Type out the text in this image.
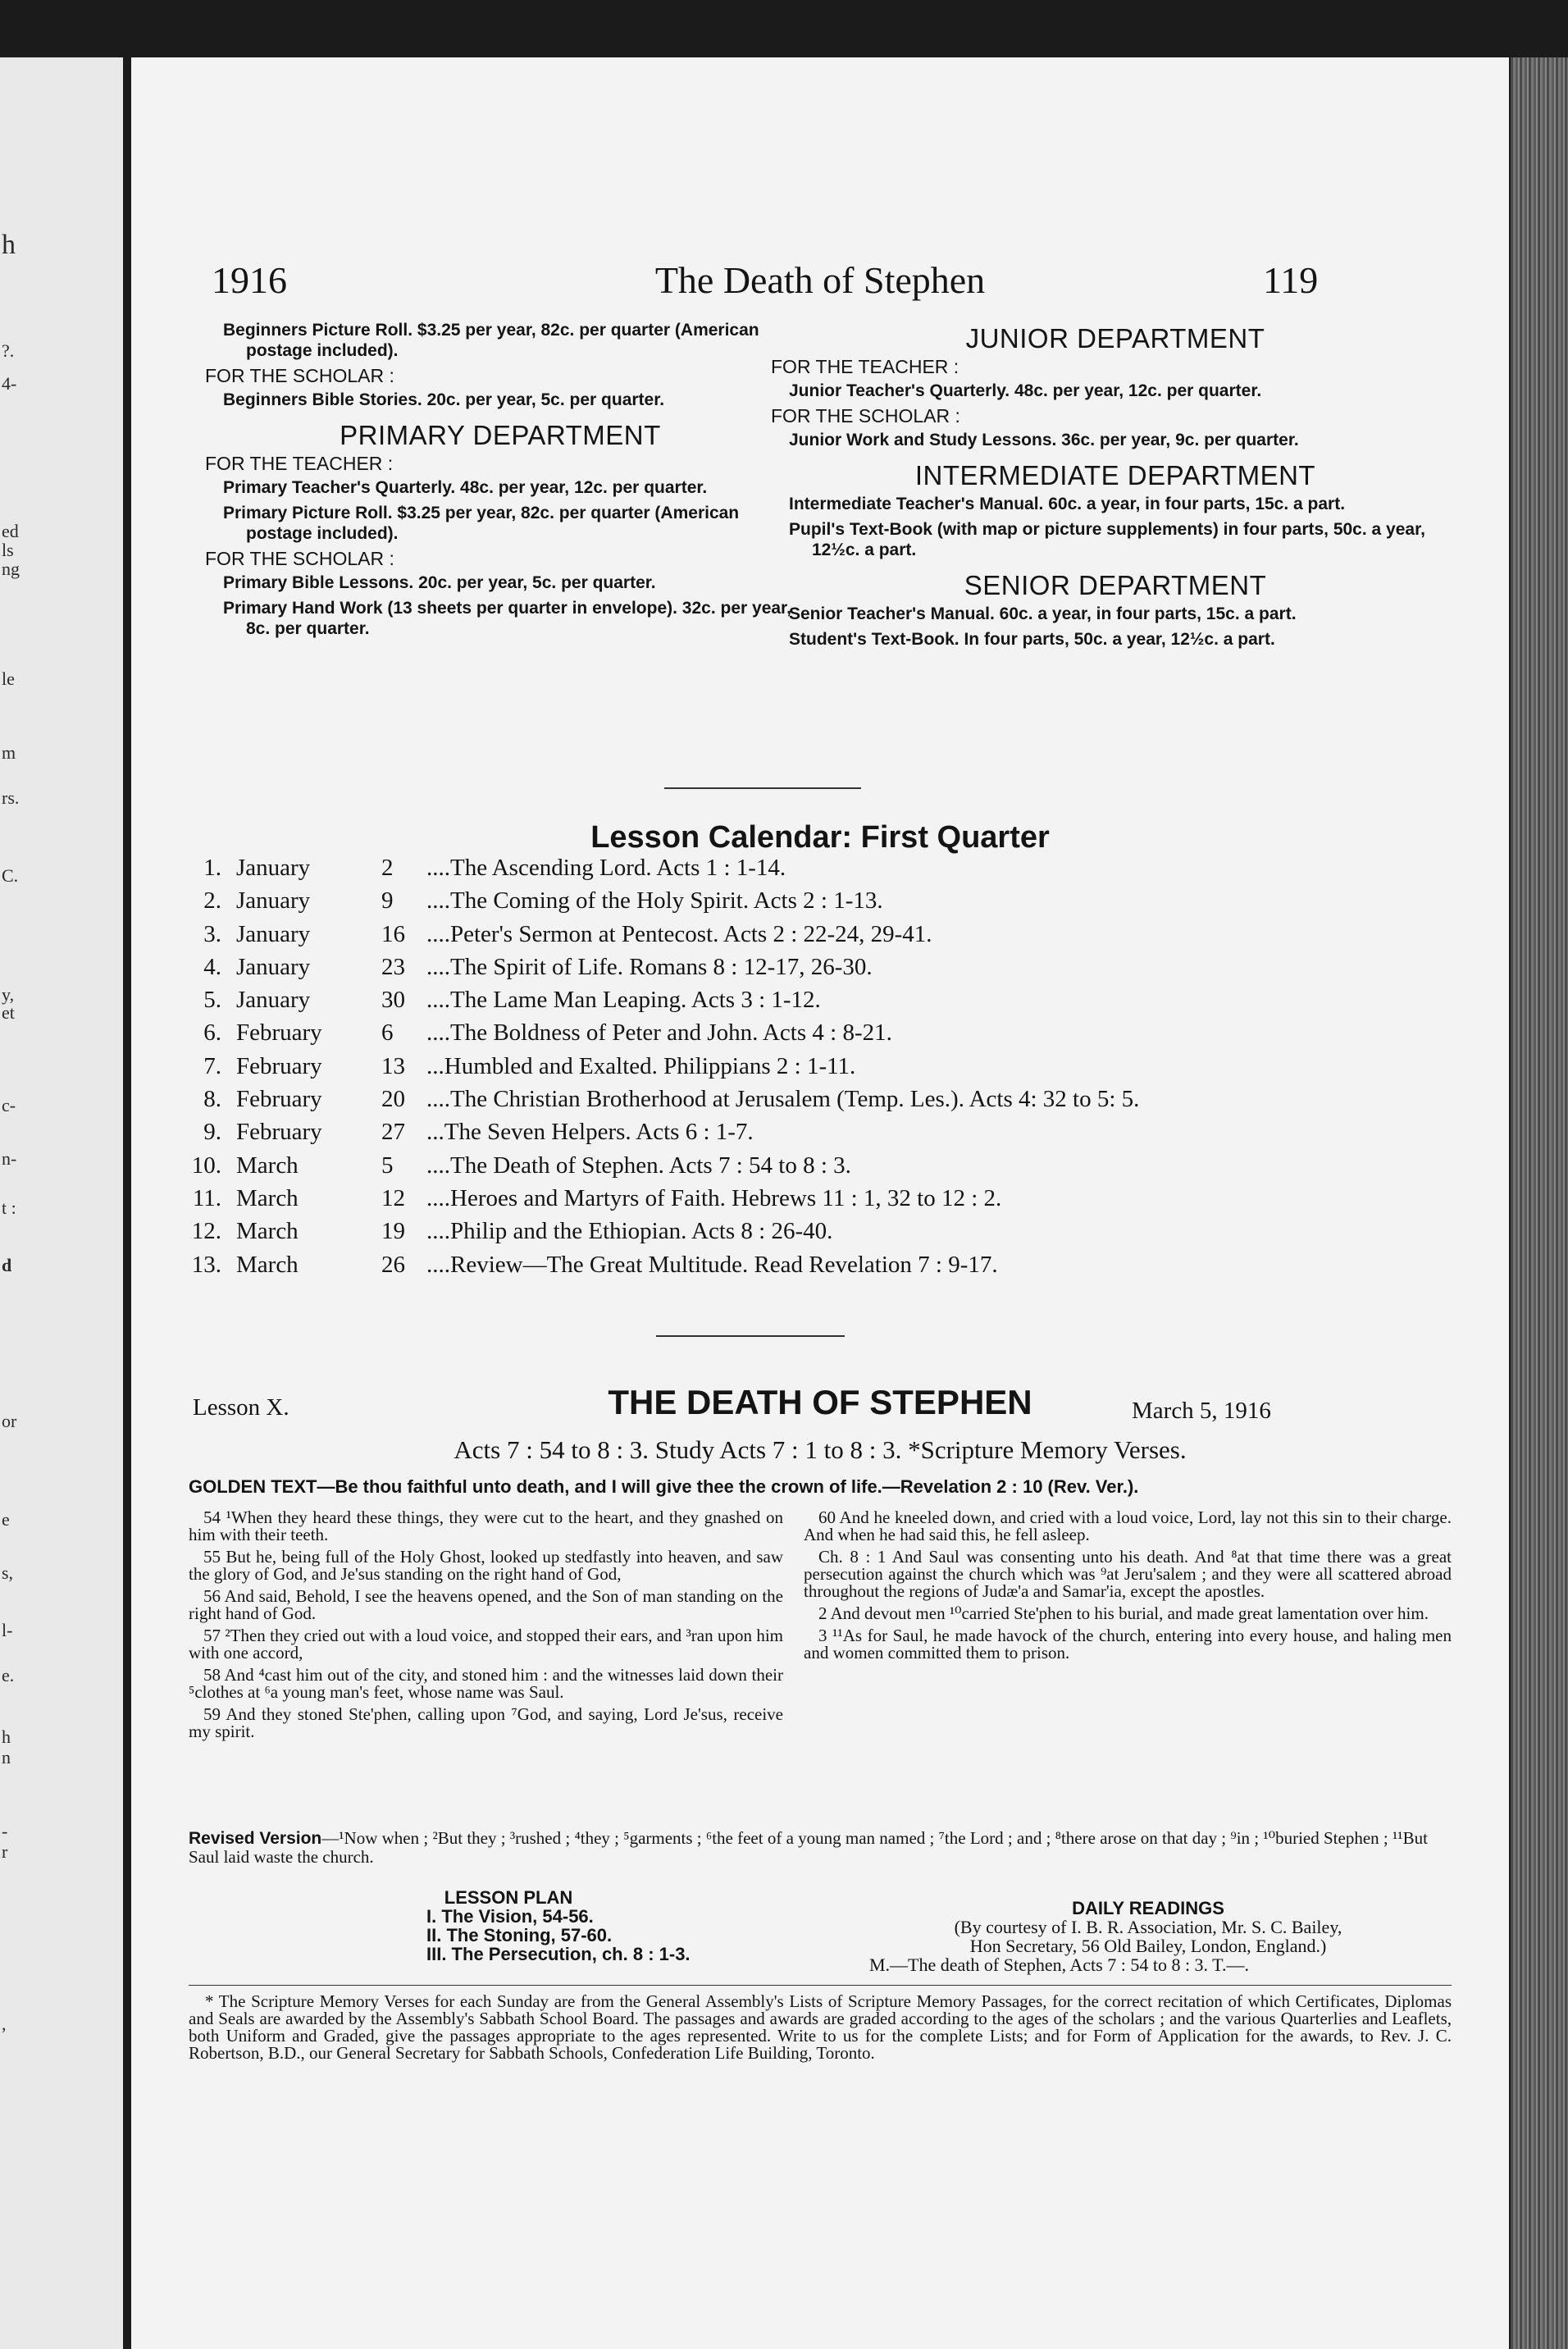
h
?.
4-
ed
ls
ng
le
m
rs.
C.
y,
et
c-
n-
t :
d
or
e
s,
l-
e.
h
n
-
r
,
1916	The Death of Stephen	119
Beginners Picture Roll. $3.25 per year, 82c. per quarter (American postage included).
FOR THE SCHOLAR :
Beginners Bible Stories. 20c. per year, 5c. per quarter.
PRIMARY DEPARTMENT
FOR THE TEACHER :
Primary Teacher's Quarterly. 48c. per year, 12c. per quarter.
Primary Picture Roll. $3.25 per year, 82c. per quarter (American postage included).
FOR THE SCHOLAR :
Primary Bible Lessons. 20c. per year, 5c. per quarter.
Primary Hand Work (13 sheets per quarter in envelope). 32c. per year, 8c. per quarter.
JUNIOR DEPARTMENT
FOR THE TEACHER :
Junior Teacher's Quarterly. 48c. per year, 12c. per quarter.
FOR THE SCHOLAR :
Junior Work and Study Lessons. 36c. per year, 9c. per quarter.
INTERMEDIATE DEPARTMENT
Intermediate Teacher's Manual. 60c. a year, in four parts, 15c. a part.
Pupil's Text-Book (with map or picture supplements) in four parts, 50c. a year, 12½c. a part.
SENIOR DEPARTMENT
Senior Teacher's Manual. 60c. a year, in four parts, 15c. a part.
Student's Text-Book. In four parts, 50c. a year, 12½c. a part.
Lesson Calendar: First Quarter
1. January	2 ....The Ascending Lord. Acts 1 : 1-14.
2. January	9 ....The Coming of the Holy Spirit. Acts 2 : 1-13.
3. January	16 ....Peter's Sermon at Pentecost. Acts 2 : 22-24, 29-41.
4. January	23 ....The Spirit of Life. Romans 8 : 12-17, 26-30.
5. January	30 ....The Lame Man Leaping. Acts 3 : 1-12.
6. February 6 ....The Boldness of Peter and John. Acts 4 : 8-21.
7. February 13 ...Humbled and Exalted. Philippians 2 : 1-11.
8. February 20 ....The Christian Brotherhood at Jerusalem (Temp. Les.). Acts 4: 32 to 5: 5.
9. February 27 ...The Seven Helpers. Acts 6 : 1-7.
10. March	5 ....The Death of Stephen. Acts 7 : 54 to 8 : 3.
11. March	12 ....Heroes and Martyrs of Faith. Hebrews 11 : 1, 32 to 12 : 2.
12. March	19 ....Philip and the Ethiopian. Acts 8 : 26-40.
13. March	26 ....Review—The Great Multitude. Read Revelation 7 : 9-17.
Lesson X.	THE DEATH OF STEPHEN	March 5, 1916
Acts 7 : 54 to 8 : 3. Study Acts 7 : 1 to 8 : 3. *Scripture Memory Verses.
GOLDEN TEXT—Be thou faithful unto death, and I will give thee the crown of life.—Revelation 2 : 10 (Rev. Ver.).

54 ¹When they heard these things, they were cut to the heart, and they gnashed on him with their teeth.

55 But he, being full of the Holy Ghost, looked up stedfastly into heaven, and saw the glory of God, and Je'sus standing on the right hand of God,

56 And said, Behold, I see the heavens opened, and the Son of man standing on the right hand of God.

57 ²Then they cried out with a loud voice, and stopped their ears, and ³ran upon him with one accord,

58 And ⁴cast him out of the city, and stoned him : and the witnesses laid down their ⁵clothes at ⁶a young man's feet, whose name was Saul.

59 And they stoned Ste'phen, calling upon ⁷God, and saying, Lord Je'sus, receive my spirit.

60 And he kneeled down, and cried with a loud voice, Lord, lay not this sin to their charge. And when he had said this, he fell asleep.

Ch. 8 : 1 And Saul was consenting unto his death. And ⁸at that time there was a great persecution against the church which was ⁹at Jeru'salem ; and they were all scattered abroad throughout the regions of Judæ'a and Samar'ia, except the apostles.

2 And devout men ¹⁰carried Ste'phen to his burial, and made great lamentation over him.

3 ¹¹As for Saul, he made havock of the church, entering into every house, and haling men and women committed them to prison.

Revised Version—¹Now when ; ²But they ; ³rushed ; ⁴they ; ⁵garments ; ⁶the feet of a young man named ; ⁷the Lord ; and ; ⁸there arose on that day ; ⁹in ; ¹⁰buried Stephen ; ¹¹But Saul laid waste the church.
LESSON PLAN
I. The Vision, 54-56.
II. The Stoning, 57-60.
III. The Persecution, ch. 8 : 1-3.
DAILY READINGS
(By courtesy of I. B. R. Association, Mr. S. C. Bailey,
Hon Secretary, 56 Old Bailey, London, England.)
M.—The death of Stephen, Acts 7 : 54 to 8 : 3. T.—.
* The Scripture Memory Verses for each Sunday are from the General Assembly's Lists of Scripture Memory Passages, for the correct recitation of which Certificates, Diplomas and Seals are awarded by the Assembly's Sabbath School Board. The passages and awards are graded according to the ages of the scholars ; and the various Quarterlies and Leaflets, both Uniform and Graded, give the passages appropriate to the ages represented. Write to us for the complete Lists; and for Form of Application for the awards, to Rev. J. C. Robertson, B.D., our General Secretary for Sabbath Schools, Confederation Life Building, Toronto.
